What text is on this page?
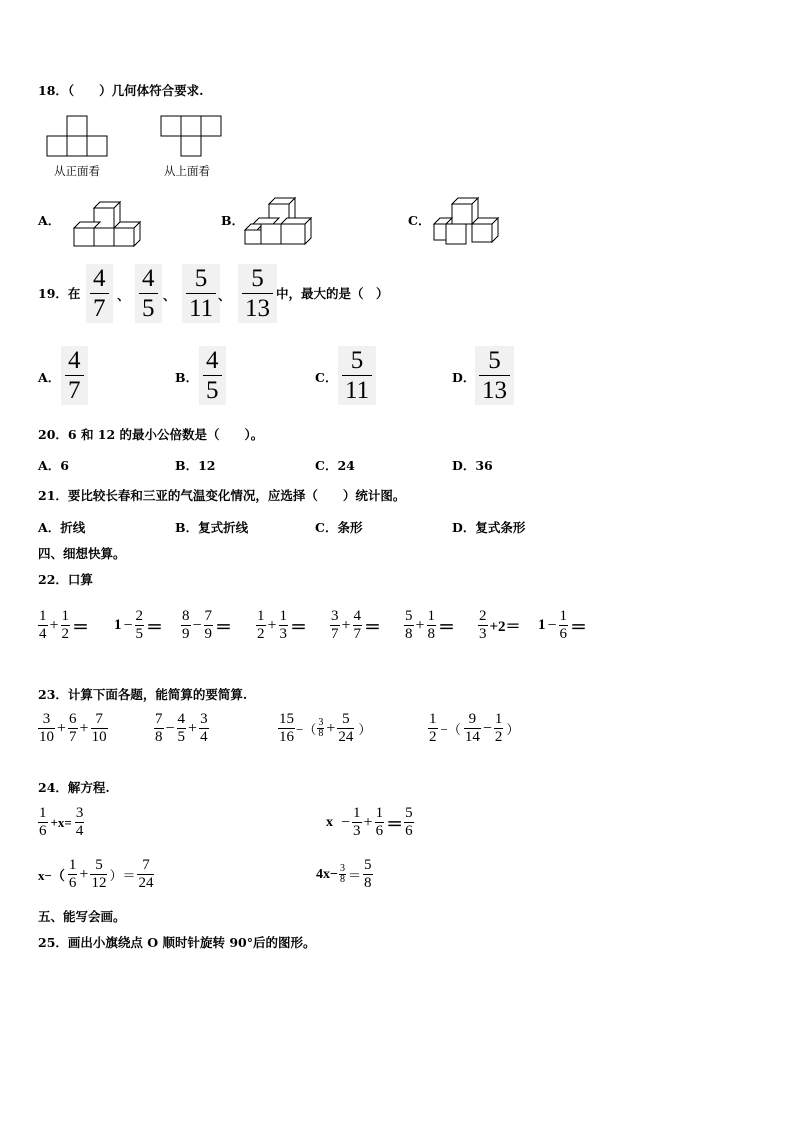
18．（　　）几何体符合要求.
从正面看	从上面看
A．	B．	C．
19．在 $\frac{4}{7}$ 、 $\frac{4}{5}$ 、 $\frac{5}{11}$
、 $\frac{5}{13}$ 中，最大的是（　）
A． $\frac{4}{7}$	B． $\frac{4}{5}$	C． $\frac{5}{11}$	D． $\frac{5}{13}$
20．6 和 12 的最小公倍数是（　　）。
A．6	B．12	C．24	D．36
21．要比较长春和三亚的气温变化情况，应选择（　　）统计图。
A．折线	B．复式折线	C．条形	D．复式条形
四、细想快算。
22．口算
$\frac{1}{4} + \frac{1}{2} = 1 - \frac{2}{5} = \frac{8}{9} - \frac{7}{9} = \frac{1}{2} + \frac{1}{3} = \frac{3}{7} + \frac{4}{7} = \frac{5}{8} + \frac{1}{8} = \frac{2}{3} +2= 1 - \frac{1}{6}$ ＝
23．计算下面各题，能简算的要简算.
$\frac{3}{10} + \frac{6}{7} + \frac{7}{10}$	$\frac{7}{8} - \frac{4}{5} + \frac{3}{4}$	$\frac{15}{16}$ −（ $\frac{3}{8} + \frac{5}{24}$ ）	$\frac{1}{2}$ −（ $\frac{9}{14} - \frac{1}{2}$ ）
24．解方程.
$\frac{1}{6} +x= \frac{3}{4}$	$x - \frac{1}{3} + \frac{1}{6} = \frac{5}{6}$
$x-( \frac{1}{6} + \frac{5}{12}$ ）＝ $\frac{7}{24}$	$4x- \frac{3}{8} = \frac{5}{8}$
五、能写会画。
25．画出小旗绕点 O 顺时针旋转 90°后的图形。
